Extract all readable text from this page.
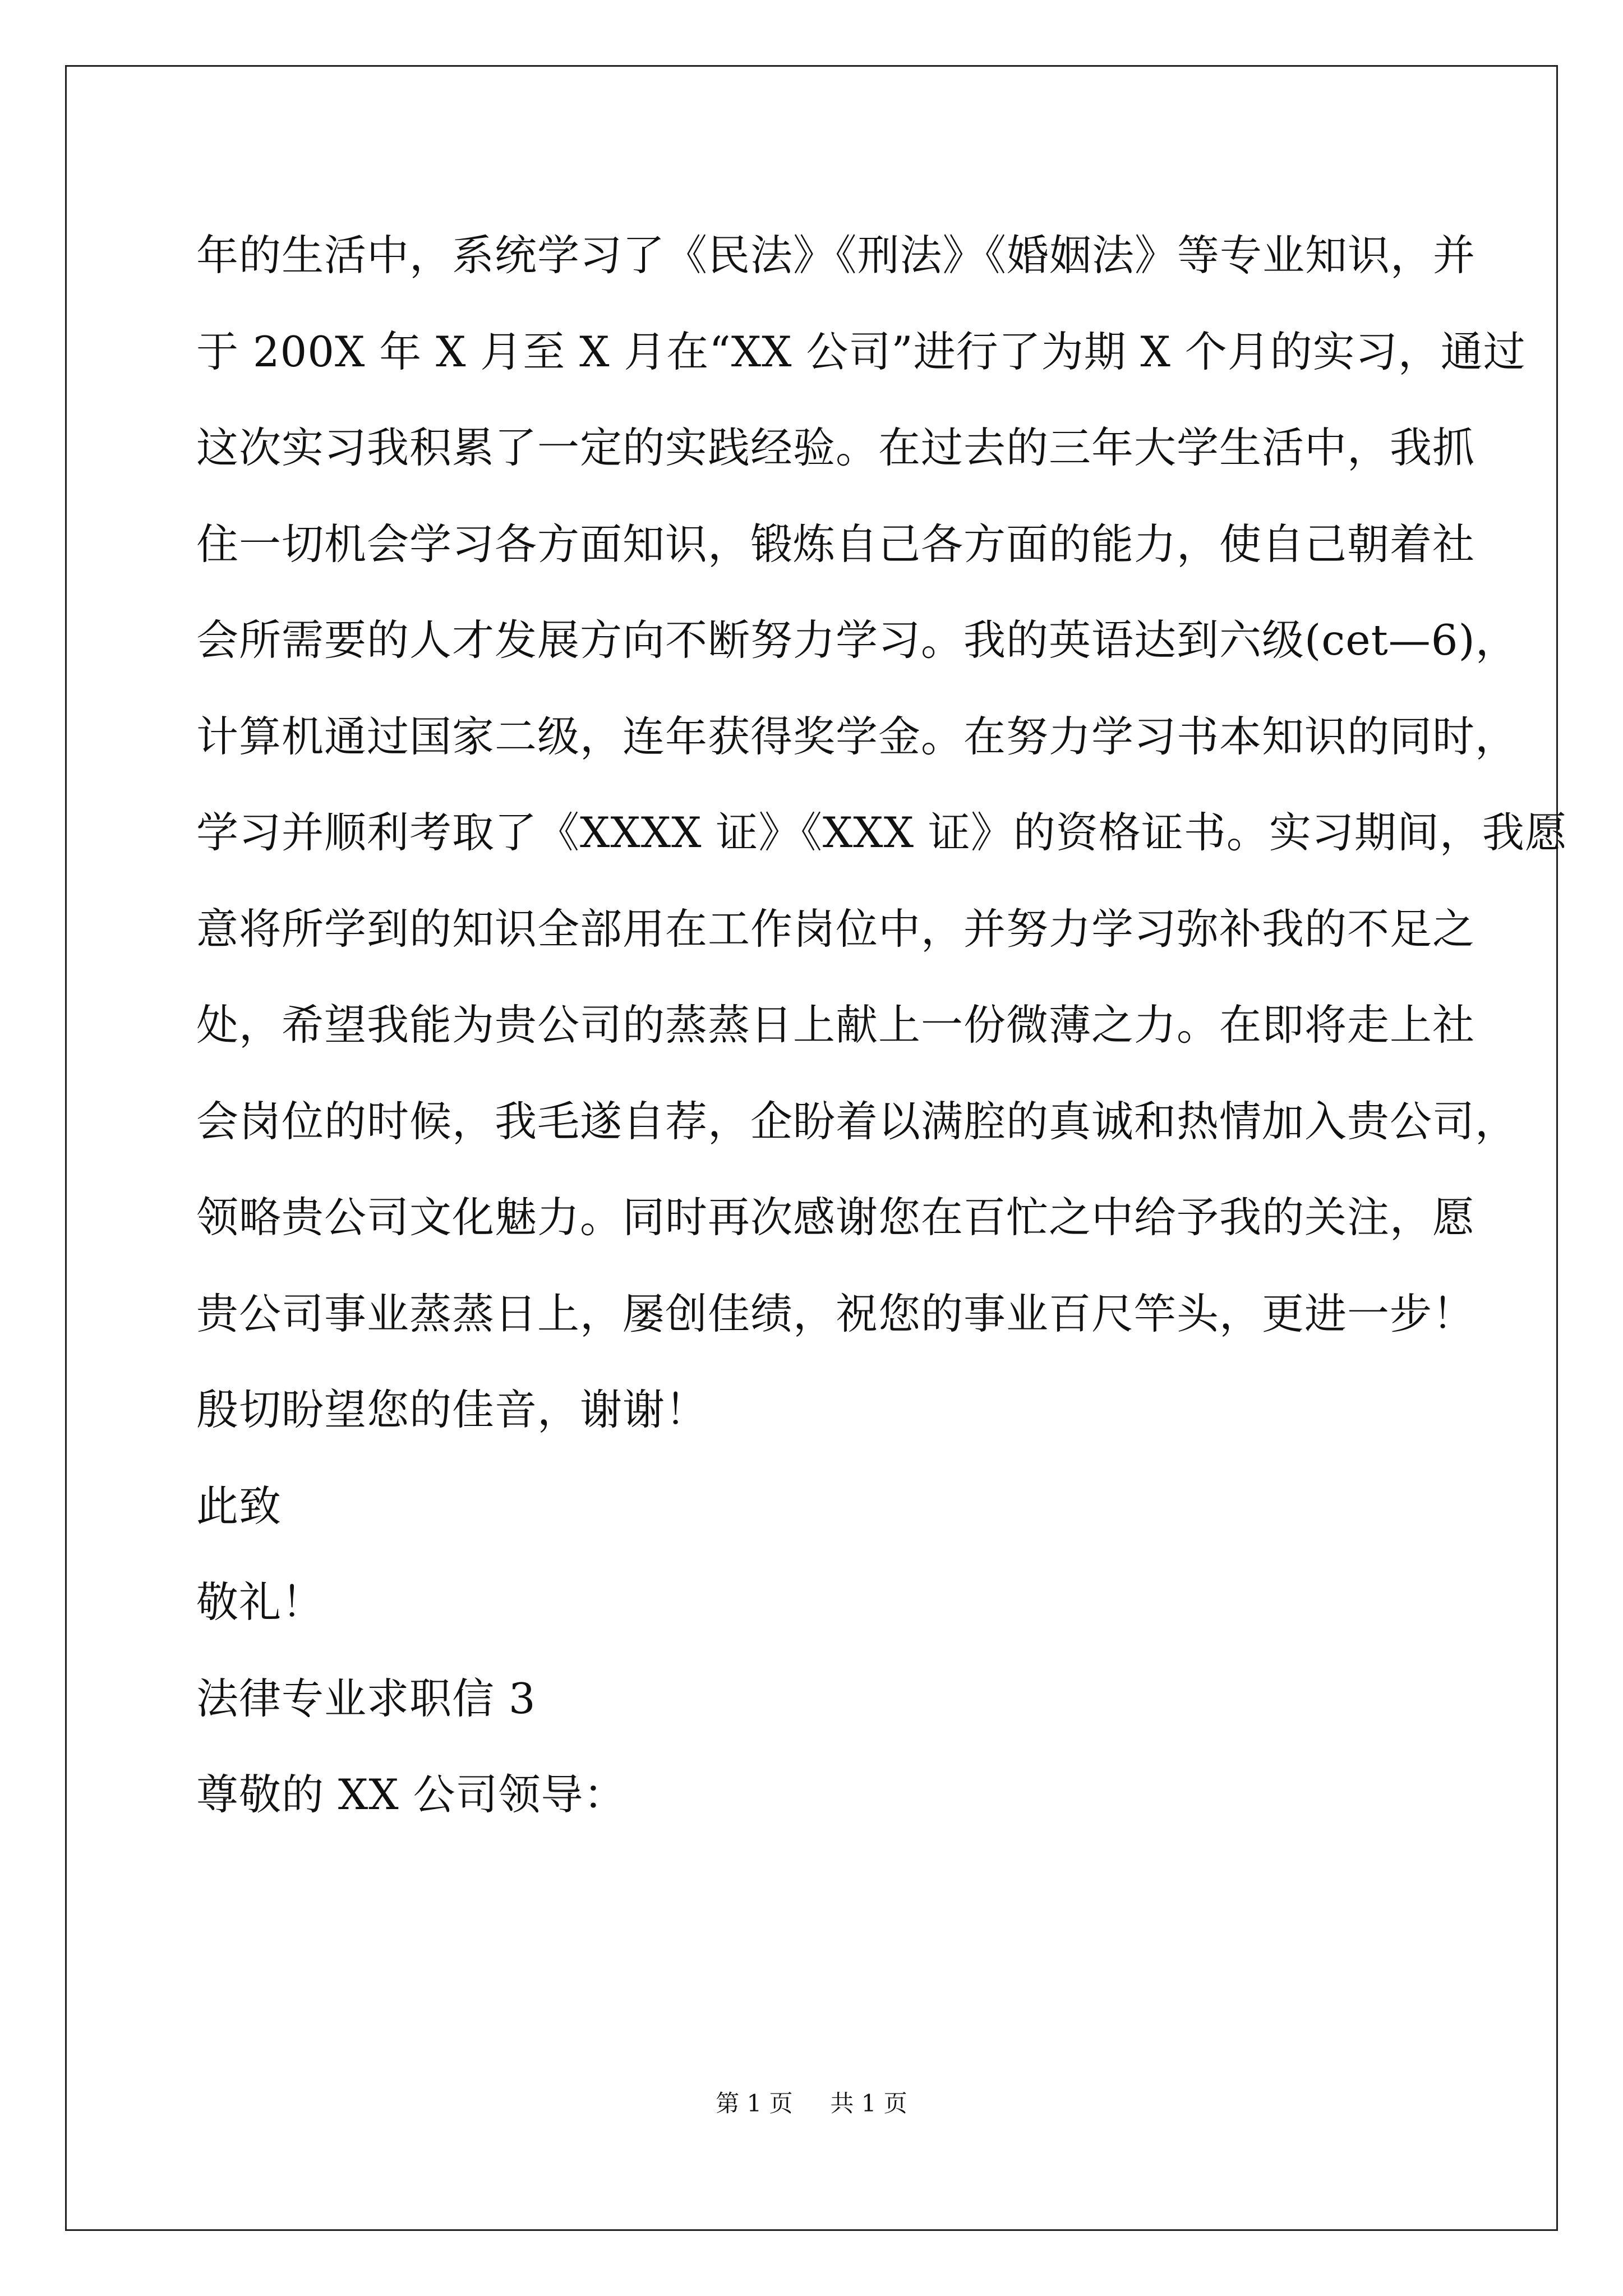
年的生活中，系统学习了《民法》《刑法》《婚姻法》等专业知识，并
于 200X 年 X 月至 X 月在“XX 公司”进行了为期 X 个月的实习，通过
这次实习我积累了一定的实践经验。在过去的三年大学生活中，我抓
住一切机会学习各方面知识，锻炼自己各方面的能力，使自己朝着社
会所需要的人才发展方向不断努力学习。我的英语达到六级(cet—6)，
计算机通过国家二级，连年获得奖学金。在努力学习书本知识的同时，
学习并顺利考取了《XXXX 证》《XXX 证》的资格证书。实习期间，我愿
意将所学到的知识全部用在工作岗位中，并努力学习弥补我的不足之
处，希望我能为贵公司的蒸蒸日上献上一份微薄之力。在即将走上社
会岗位的时候，我毛遂自荐，企盼着以满腔的真诚和热情加入贵公司，
领略贵公司文化魅力。同时再次感谢您在百忙之中给予我的关注，愿
贵公司事业蒸蒸日上，屡创佳绩，祝您的事业百尺竿头，更进一步！
殷切盼望您的佳音，谢谢！
此致
敬礼！
法律专业求职信 3
尊敬的 XX 公司领导：
第 1 页 共 1 页
